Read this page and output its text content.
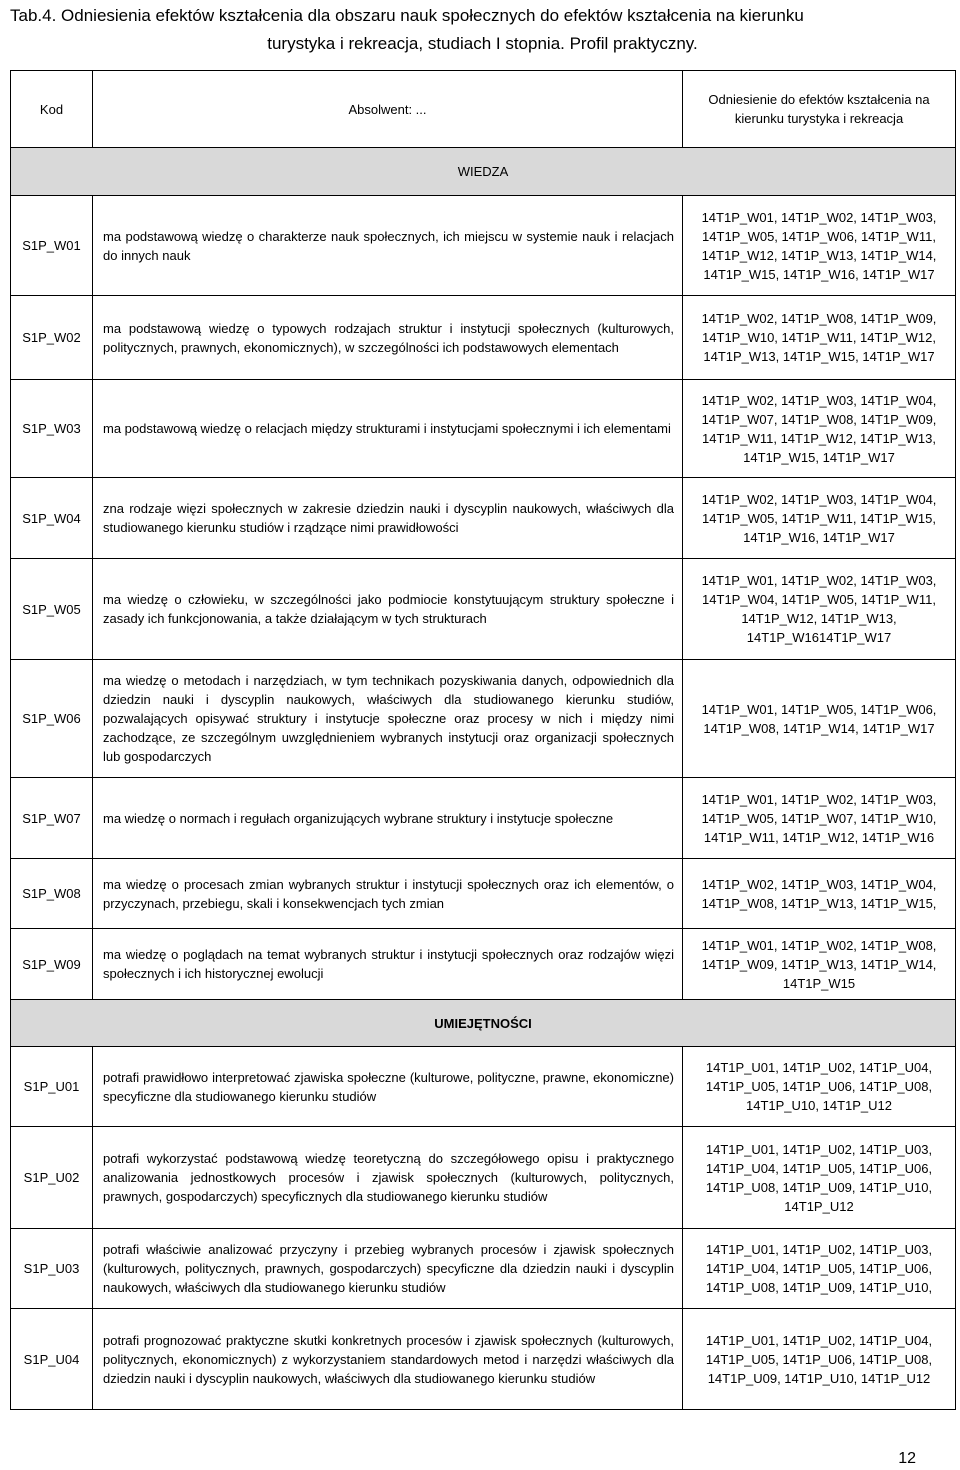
Tab.4. Odniesienia efektów kształcenia dla obszaru nauk społecznych do efektów kształcenia na kierunku
turystyka i rekreacja, studiach I stopnia. Profil praktyczny.
Kod	Absolwent: ...	Odniesienie do efektów kształcenia na kierunku turystyka i rekreacja
WIEDZA		
S1P_W01	ma podstawową wiedzę o charakterze nauk społecznych, ich miejscu w systemie nauk i relacjach do innych nauk	14T1P_W01, 14T1P_W02, 14T1P_W03, 14T1P_W05, 14T1P_W06, 14T1P_W11, 14T1P_W12, 14T1P_W13, 14T1P_W14, 14T1P_W15, 14T1P_W16, 14T1P_W17
S1P_W02	ma podstawową wiedzę o typowych rodzajach struktur i instytucji społecznych (kulturowych, politycznych, prawnych, ekonomicznych), w szczególności ich podstawowych elementach	14T1P_W02, 14T1P_W08, 14T1P_W09, 14T1P_W10, 14T1P_W11, 14T1P_W12, 14T1P_W13, 14T1P_W15, 14T1P_W17
S1P_W03	ma podstawową wiedzę o relacjach między strukturami i instytucjami społecznymi i ich elementami	14T1P_W02, 14T1P_W03, 14T1P_W04, 14T1P_W07, 14T1P_W08, 14T1P_W09, 14T1P_W11, 14T1P_W12, 14T1P_W13, 14T1P_W15, 14T1P_W17
S1P_W04	zna rodzaje więzi społecznych w zakresie dziedzin nauki i dyscyplin naukowych, właściwych dla studiowanego kierunku studiów i rządzące nimi prawidłowości	14T1P_W02, 14T1P_W03, 14T1P_W04, 14T1P_W05, 14T1P_W11, 14T1P_W15, 14T1P_W16, 14T1P_W17
S1P_W05	ma wiedzę o człowieku, w szczególności jako podmiocie konstytuującym struktury społeczne i zasady ich funkcjonowania, a także działającym w tych strukturach	14T1P_W01, 14T1P_W02, 14T1P_W03, 14T1P_W04, 14T1P_W05, 14T1P_W11, 14T1P_W12, 14T1P_W13, 14T1P_W1614T1P_W17
S1P_W06	ma wiedzę o metodach i narzędziach, w tym technikach pozyskiwania danych, odpowiednich dla dziedzin nauki i dyscyplin naukowych, właściwych dla studiowanego kierunku studiów, pozwalających opisywać struktury i instytucje społeczne oraz procesy w nich i między nimi zachodzące, ze szczególnym uwzględnieniem wybranych instytucji oraz organizacji społecznych lub gospodarczych	14T1P_W01, 14T1P_W05, 14T1P_W06, 14T1P_W08, 14T1P_W14, 14T1P_W17
S1P_W07	ma wiedzę o normach i regułach organizujących wybrane struktury i instytucje społeczne	14T1P_W01, 14T1P_W02, 14T1P_W03, 14T1P_W05, 14T1P_W07, 14T1P_W10, 14T1P_W11, 14T1P_W12, 14T1P_W16
S1P_W08	ma wiedzę o procesach zmian wybranych struktur i instytucji społecznych oraz ich elementów, o przyczynach, przebiegu, skali i konsekwencjach tych zmian	14T1P_W02, 14T1P_W03, 14T1P_W04, 14T1P_W08, 14T1P_W13, 14T1P_W15,
S1P_W09	ma wiedzę o poglądach na temat wybranych struktur i instytucji społecznych oraz rodzajów więzi społecznych i ich historycznej ewolucji	14T1P_W01, 14T1P_W02, 14T1P_W08, 14T1P_W09, 14T1P_W13, 14T1P_W14, 14T1P_W15
UMIEJĘTNOŚCI		
S1P_U01	potrafi prawidłowo interpretować zjawiska społeczne (kulturowe, polityczne, prawne, ekonomiczne) specyficzne dla studiowanego kierunku studiów	14T1P_U01, 14T1P_U02, 14T1P_U04, 14T1P_U05, 14T1P_U06, 14T1P_U08, 14T1P_U10, 14T1P_U12
S1P_U02	potrafi wykorzystać podstawową wiedzę teoretyczną do szczegółowego opisu i praktycznego analizowania jednostkowych procesów i zjawisk społecznych (kulturowych, politycznych, prawnych, gospodarczych) specyficznych dla studiowanego kierunku studiów	14T1P_U01, 14T1P_U02, 14T1P_U03, 14T1P_U04, 14T1P_U05, 14T1P_U06, 14T1P_U08, 14T1P_U09, 14T1P_U10, 14T1P_U12
S1P_U03	potrafi właściwie analizować przyczyny i przebieg wybranych procesów i zjawisk społecznych (kulturowych, politycznych, prawnych, gospodarczych) specyficzne dla dziedzin nauki i dyscyplin naukowych, właściwych dla studiowanego kierunku studiów	14T1P_U01, 14T1P_U02, 14T1P_U03, 14T1P_U04, 14T1P_U05, 14T1P_U06, 14T1P_U08, 14T1P_U09, 14T1P_U10,
S1P_U04	potrafi prognozować praktyczne skutki konkretnych procesów i zjawisk społecznych (kulturowych, politycznych, ekonomicznych) z wykorzystaniem standardowych metod i narzędzi właściwych dla dziedzin nauki i dyscyplin naukowych, właściwych dla studiowanego kierunku studiów	14T1P_U01, 14T1P_U02, 14T1P_U04, 14T1P_U05, 14T1P_U06, 14T1P_U08, 14T1P_U09, 14T1P_U10, 14T1P_U12
12
